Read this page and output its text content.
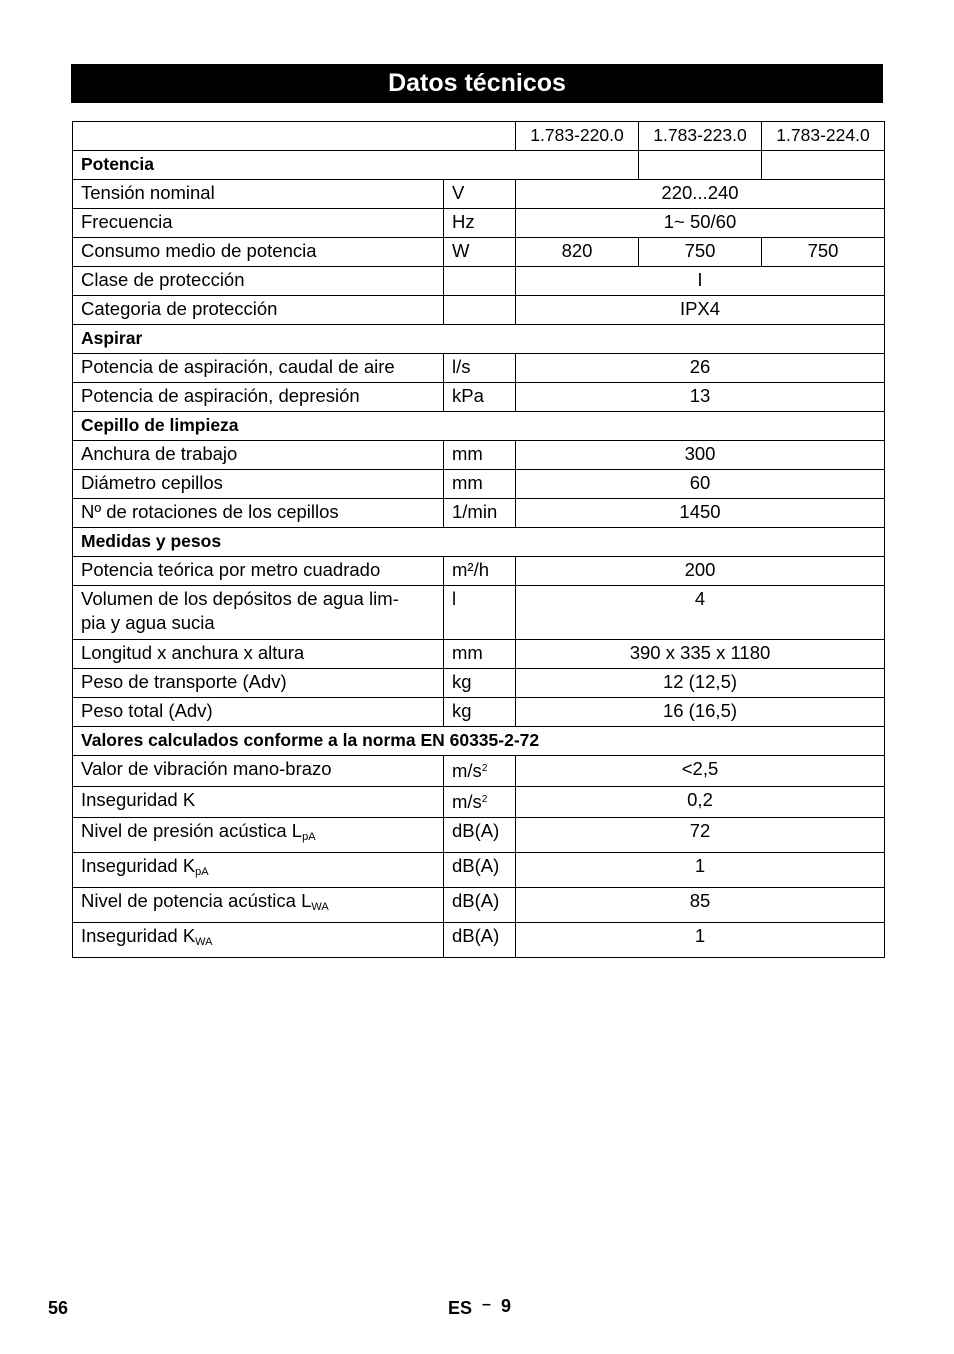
Datos técnicos
		1.783-220.0	1.783-223.0	1.783-224.0
Potencia				
Tensión nominal	V	220...240		
Frecuencia	Hz	1~ 50/60		
Consumo medio de potencia	W	820	750	750
Clase de protección		I		
Categoria de protección		IPX4		
Aspirar				
Potencia de aspiración, caudal de aire	l/s	26		
Potencia de aspiración, depresión	kPa	13		
Cepillo de limpieza				
Anchura de trabajo	mm	300		
Diámetro cepillos	mm	60		
Nº de rotaciones de los cepillos	1/min	1450		
Medidas y pesos				
Potencia teórica por metro cuadrado	m²/h	200		
Volumen de los depósitos de agua lim-
pia y agua sucia	l	4		
Longitud x anchura x altura	mm	390 x 335 x 1180		
Peso de transporte (Adv)	kg	12 (12,5)		
Peso total (Adv)	kg	16 (16,5)		
Valores calculados conforme a la norma EN 60335-2-72				
Valor de vibración mano-brazo	$m/s^2$	<2,5		
Inseguridad K	$m/s^2$	0,2		
Nivel de presión acústica $L_{pA}$	dB(A)	72		
Inseguridad $K_{pA}$	dB(A)	1		
Nivel de potencia acústica $L_{WA}$	dB(A)	85		
Inseguridad $K_{WA}$	dB(A)	1		
56	ES – 9
